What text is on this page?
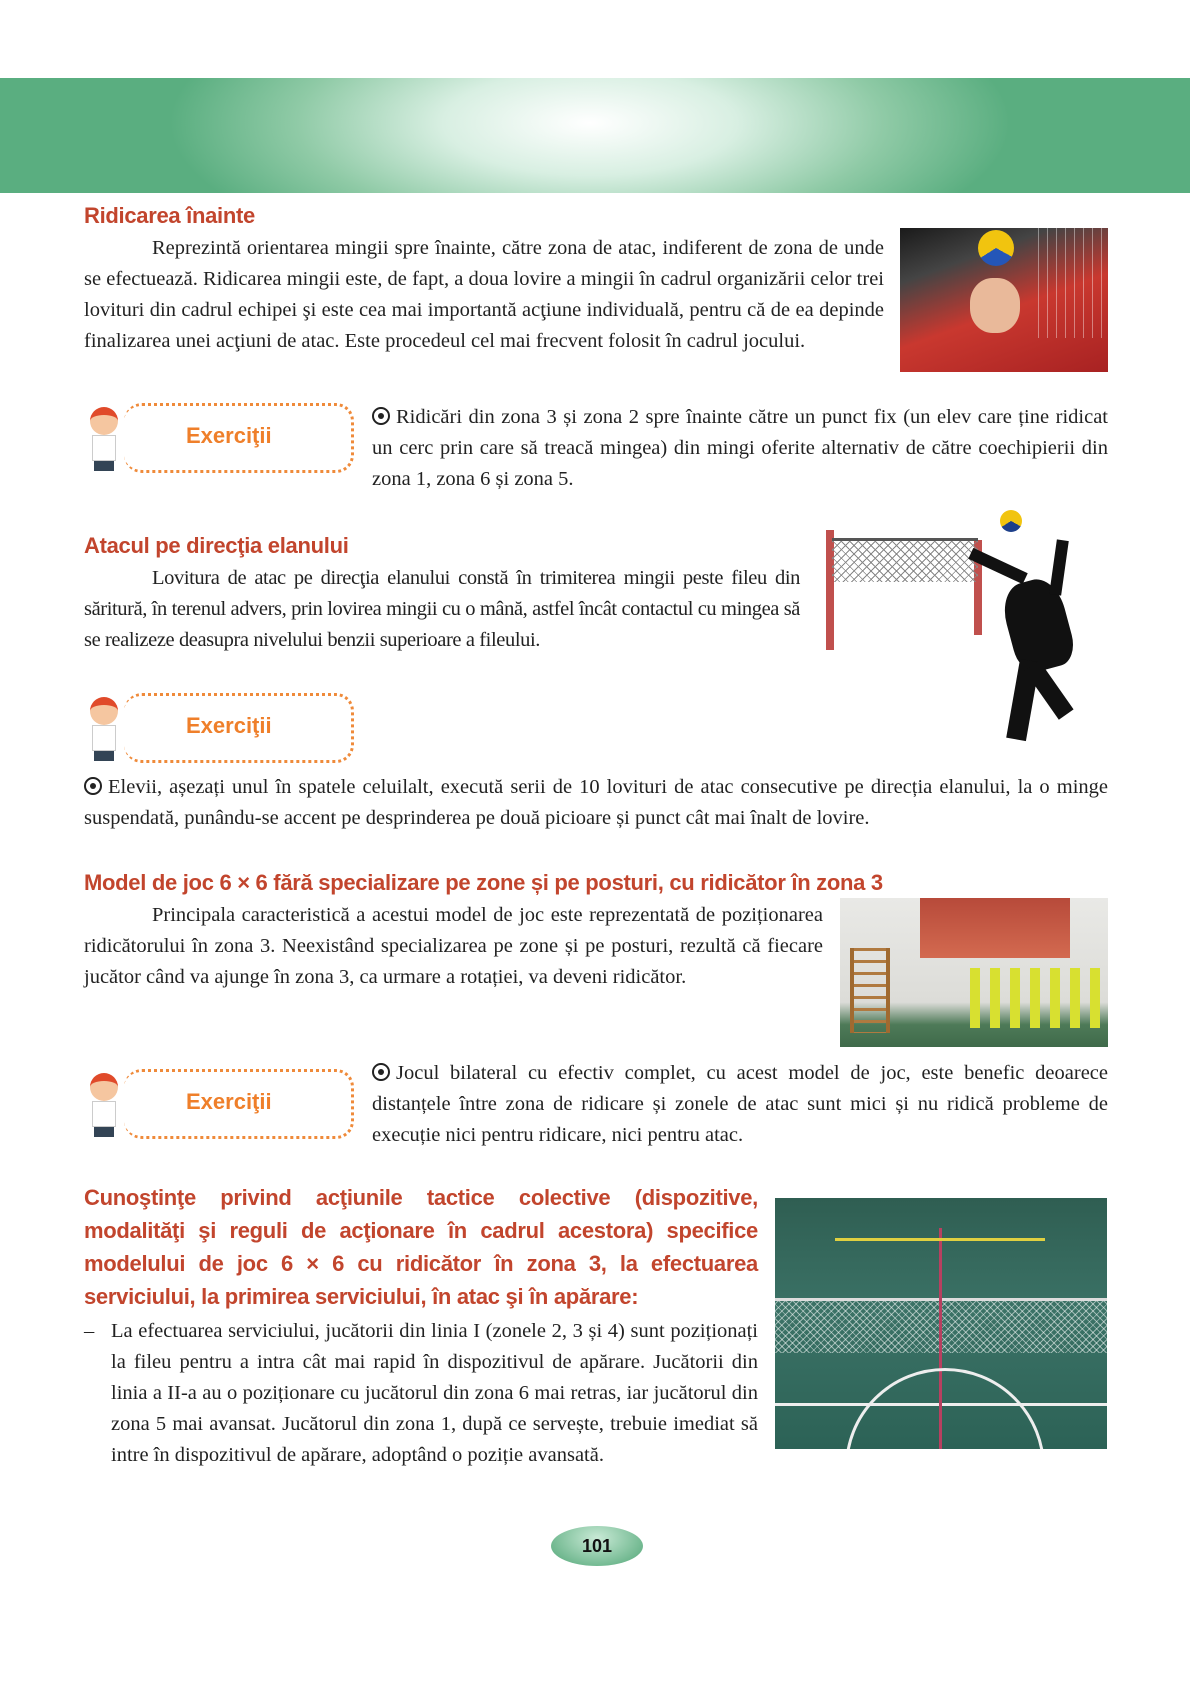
Ridicarea înainte
Reprezintă orientarea mingii spre înainte, către zona de atac, indiferent de zona de unde se efectuează. Ridicarea mingii este, de fapt, a doua lovire a mingii în cadrul organizării celor trei lovituri din cadrul echipei şi este cea mai importantă acţiune individuală, pentru că de ea depinde finalizarea unei acţiuni de atac. Este procedeul cel mai frecvent folosit în cadrul jocului.
Exerciţii
Ridicări din zona 3 și zona 2 spre înainte către un punct fix (un elev care ține ridicat un cerc prin care să treacă mingea) din mingi oferite alternativ de către coechipierii din zona 1, zona 6 și zona 5.
Atacul pe direcţia elanului
Lovitura de atac pe direcţia elanului constă în trimiterea mingii peste fileu din săritură, în terenul advers, prin lovirea mingii cu o mână, astfel încât contactul cu mingea să se realizeze deasupra nivelului benzii superioare a fileului.
Exerciţii
Elevii, așezați unul în spatele celuilalt, execută serii de 10 lovituri de atac consecutive pe direcția elanului, la o minge suspendată, punându-se accent pe desprinderea pe două picioare și punct cât mai înalt de lovire.
Model de joc 6 × 6 fără specializare pe zone și pe posturi, cu ridicător în zona 3
Principala caracteristică a acestui model de joc este reprezentată de poziționarea ridicătorului în zona 3. Neexistând specializarea pe zone și pe posturi, rezultă că fiecare jucător când va ajunge în zona 3, ca urmare a rotației, va deveni ridicător.
Exerciţii
Jocul bilateral cu efectiv complet, cu acest model de joc, este benefic deoarece distanțele între zona de ridicare și zonele de atac sunt mici și nu ridică probleme de execuție nici pentru ridicare, nici pentru atac.
Cunoştinţe privind acţiunile tactice colective (dispozitive, modalităţi şi reguli de acţionare în cadrul acestora) specifice modelului de joc 6 × 6 cu ridicător în zona 3, la efectuarea serviciului, la primirea serviciului, în atac şi în apărare:
– La efectuarea serviciului, jucătorii din linia I (zonele 2, 3 și 4) sunt poziționați la fileu pentru a intra cât mai rapid în dispozitivul de apărare. Jucătorii din linia a II-a au o poziționare cu jucătorul din zona 6 mai retras, iar jucătorul din zona 5 mai avansat. Jucătorul din zona 1, după ce servește, trebuie imediat să intre în dispozitivul de apărare, adoptând o poziție avansată.
101
